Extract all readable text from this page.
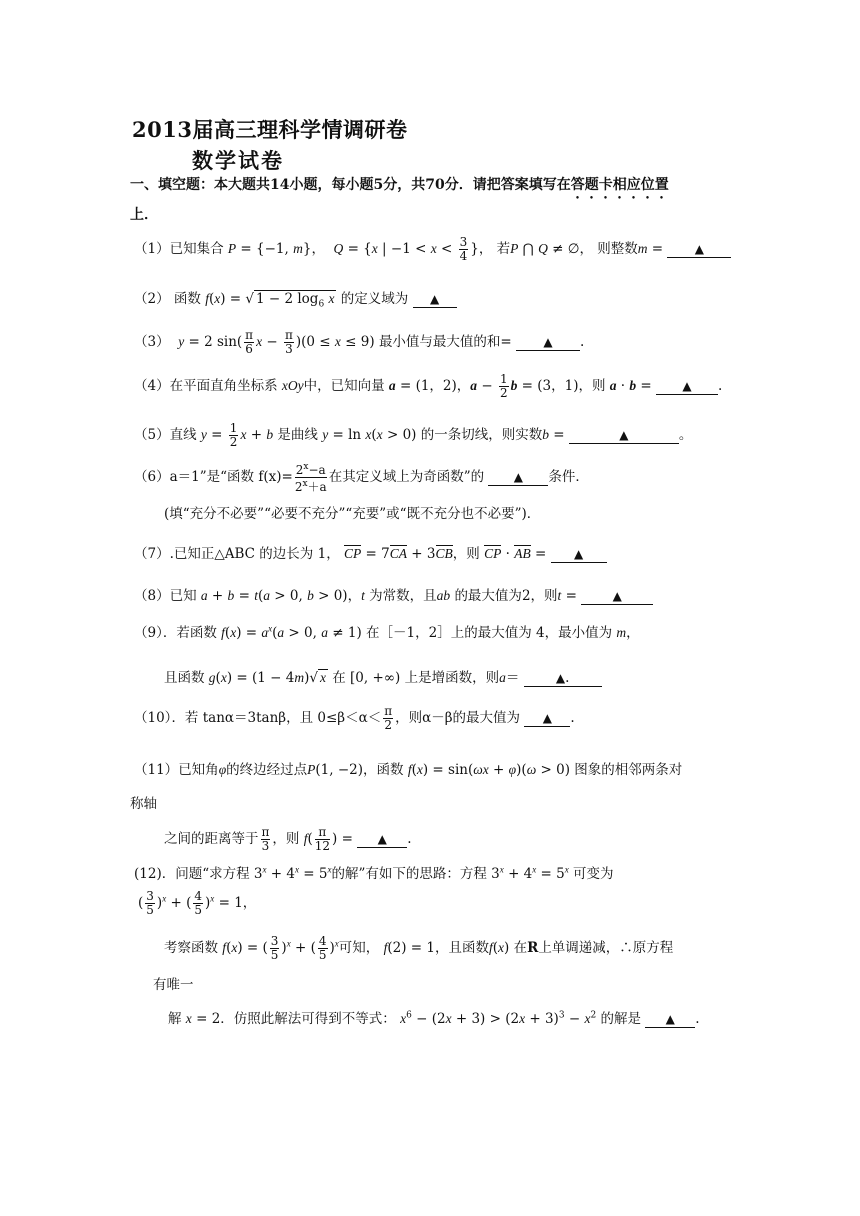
2013届高三理科学情调研卷
数学试卷
一、填空题：本大题共14小题，每小题5分，共70分．请把答案填写在答题卡相应位置
上．
（1）已知集合 P = {−1, m}，  Q = {x | $-1 < x < \frac{3}{4}$ }， 若P ⋂ Q ≠ ∅， 则整数m = ▲
（2） 函数 f(x) = √ 1 − 2 $\log_6 x$ 的定义域为 ▲
（3） y = 2 $\sin( \frac{\pi}{6}$ $x - \frac{\pi}{3} )(0 \le x \le 9)$ 最小值与最大值的和=	▲ .
（4）在平面直角坐标系 xOy中，已知向量 a = (1，2)，$a - \frac{1}{2}$ b = (3，1)，则 a · b = ▲ .
（5）直线 $y = \frac{1}{2}$ x + b 是曲线 y = ln x(x > 0) 的一条切线，则实数b =	▲	。
（6）a＝1”是“函数 $f(x)= \frac{2^x-a}{2^x+a}$ 在其定义域上为奇函数”的 ▲ 条件．
(填“充分不必要”“必要不充分”“充要”或“既不充分也不必要”)．
（7）.已知正△ABC 的边长为 1， CP = 7CA + 3CB，则 CP · AB = ▲
（8）已知 a + b = t(a > 0, b > 0)，t 为常数，且ab 的最大值为2，则t =	▲
（9）．若函数 $f(x) = a^x(a > 0$, a ≠ 1) 在［－1，2］上的最大值为 4，最小值为 m，
且函数 g(x) = (1 − 4m)√ x 在 [0, +∞) 上是增函数，则a＝	▲.
（10）．若 tanα＝3tanβ，且 $0\le\beta<\alpha< \frac{\pi}{2}$ ，则α－β的最大值为 ▲ .
（11）已知角φ的终边经过点P(1, −2)，函数 f(x) = sin(ωx + φ)(ω > 0) 图象的相邻两条对
称轴
之间的距离等于 $\frac{\pi}{3}$ ，则 $f( \frac{\pi}{12}$ ) = ▲ .
(12)．问题“求方程 $3^x + 4^x = 5^x$的解”有如下的思路：方程 $3^x + 4^x = 5^x$ 可变为
( $\frac{3}{5} )^x$ + ( $\frac{4}{5} )^x = 1$，
考察函数 f(x) = ( $\frac{3}{5} )^x$ + ( $\frac{4}{5} )^x$可知， f(2) = 1，且函数f(x) 在R上单调递减，∴原方程
有唯一
解 x = 2．仿照此解法可得到不等式： $x^6 - (2x + 3) > (2x + 3)^3 - x^2$ 的解是 ▲ .
